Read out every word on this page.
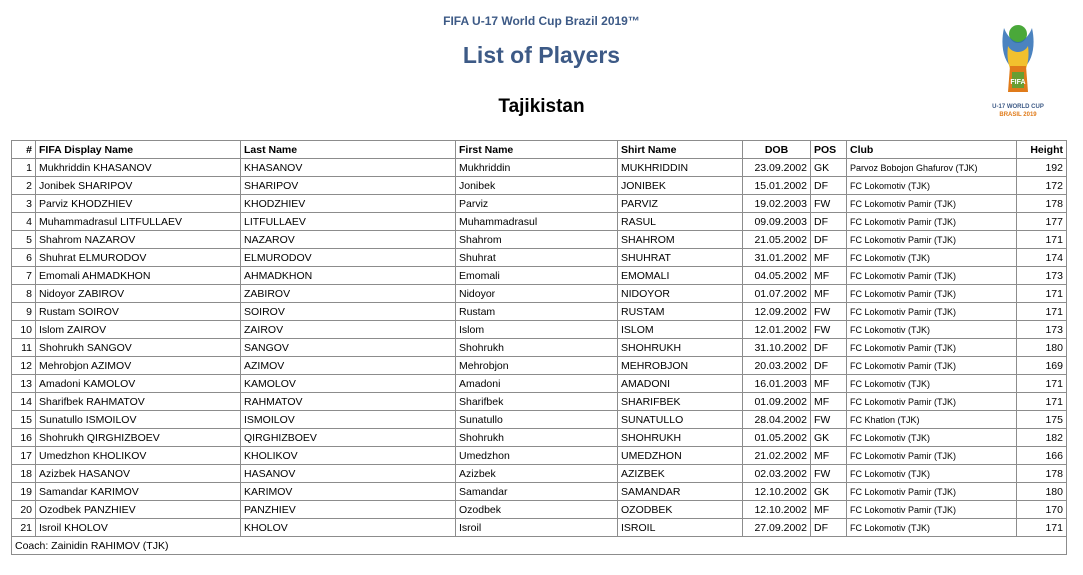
FIFA U-17 World Cup Brazil 2019™
List of Players
Tajikistan
FIFA
U-17 WORLD CUP
BRASIL 2019
#	FIFA Display Name	Last Name	First Name	Shirt Name	DOB	POS	Club	Height
1	Mukhriddin KHASANOV	KHASANOV	Mukhriddin	MUKHRIDDIN	23.09.2002	GK	Parvoz Bobojon Ghafurov (TJK)	192
2	Jonibek SHARIPOV	SHARIPOV	Jonibek	JONIBEK	15.01.2002	DF	FC Lokomotiv (TJK)	172
3	Parviz KHODZHIEV	KHODZHIEV	Parviz	PARVIZ	19.02.2003	FW	FC Lokomotiv Pamir (TJK)	178
4	Muhammadrasul LITFULLAEV	LITFULLAEV	Muhammadrasul	RASUL	09.09.2003	DF	FC Lokomotiv Pamir (TJK)	177
5	Shahrom NAZAROV	NAZAROV	Shahrom	SHAHROM	21.05.2002	DF	FC Lokomotiv Pamir (TJK)	171
6	Shuhrat ELMURODOV	ELMURODOV	Shuhrat	SHUHRAT	31.01.2002	MF	FC Lokomotiv (TJK)	174
7	Emomali AHMADKHON	AHMADKHON	Emomali	EMOMALI	04.05.2002	MF	FC Lokomotiv Pamir (TJK)	173
8	Nidoyor ZABIROV	ZABIROV	Nidoyor	NIDOYOR	01.07.2002	MF	FC Lokomotiv Pamir (TJK)	171
9	Rustam SOIROV	SOIROV	Rustam	RUSTAM	12.09.2002	FW	FC Lokomotiv Pamir (TJK)	171
10	Islom ZAIROV	ZAIROV	Islom	ISLOM	12.01.2002	FW	FC Lokomotiv (TJK)	173
11	Shohrukh SANGOV	SANGOV	Shohrukh	SHOHRUKH	31.10.2002	DF	FC Lokomotiv Pamir (TJK)	180
12	Mehrobjon AZIMOV	AZIMOV	Mehrobjon	MEHROBJON	20.03.2002	DF	FC Lokomotiv Pamir (TJK)	169
13	Amadoni KAMOLOV	KAMOLOV	Amadoni	AMADONI	16.01.2003	MF	FC Lokomotiv (TJK)	171
14	Sharifbek RAHMATOV	RAHMATOV	Sharifbek	SHARIFBEK	01.09.2002	MF	FC Lokomotiv Pamir (TJK)	171
15	Sunatullo ISMOILOV	ISMOILOV	Sunatullo	SUNATULLO	28.04.2002	FW	FC Khatlon (TJK)	175
16	Shohrukh QIRGHIZBOEV	QIRGHIZBOEV	Shohrukh	SHOHRUKH	01.05.2002	GK	FC Lokomotiv (TJK)	182
17	Umedzhon KHOLIKOV	KHOLIKOV	Umedzhon	UMEDZHON	21.02.2002	MF	FC Lokomotiv Pamir (TJK)	166
18	Azizbek HASANOV	HASANOV	Azizbek	AZIZBEK	02.03.2002	FW	FC Lokomotiv (TJK)	178
19	Samandar KARIMOV	KARIMOV	Samandar	SAMANDAR	12.10.2002	GK	FC Lokomotiv Pamir (TJK)	180
20	Ozodbek PANZHIEV	PANZHIEV	Ozodbek	OZODBEK	12.10.2002	MF	FC Lokomotiv Pamir (TJK)	170
21	Isroil KHOLOV	KHOLOV	Isroil	ISROIL	27.09.2002	DF	FC Lokomotiv (TJK)	171
Coach: Zainidin RAHIMOV (TJK)								
